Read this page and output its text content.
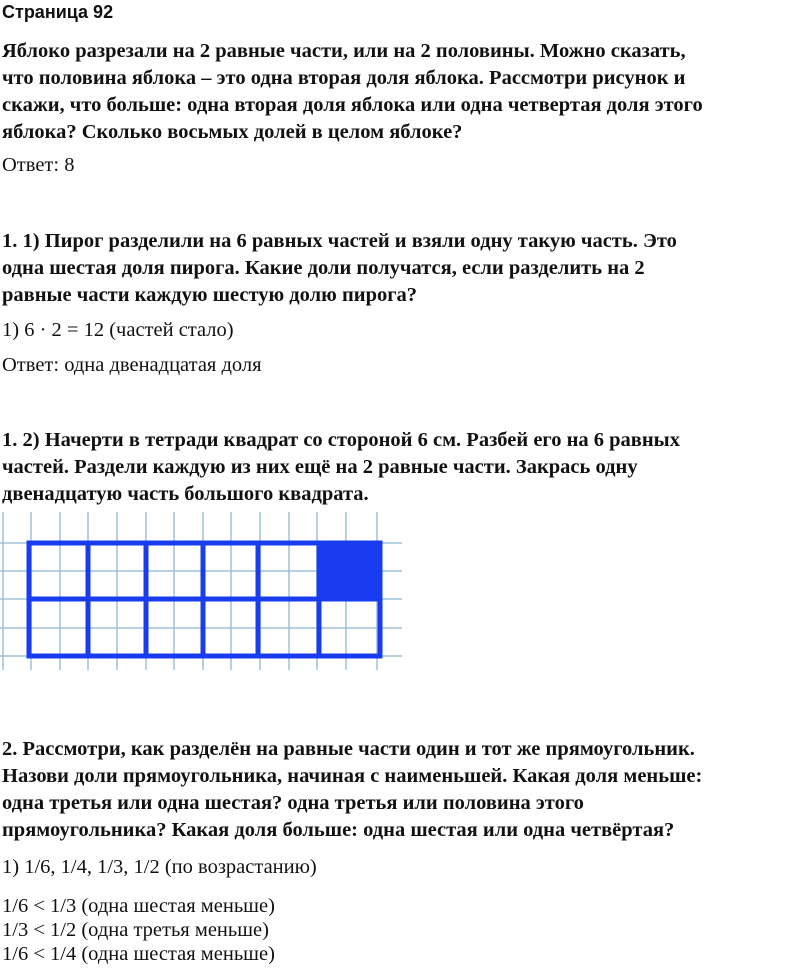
Страница 92
Яблоко разрезали на 2 равные части, или на 2 половины. Можно сказать,
что половина яблока – это одна вторая доля яблока. Рассмотри рисунок и
скажи, что больше: одна вторая доля яблока или одна четвертая доля этого
яблока? Сколько восьмых долей в целом яблоке?
Ответ: 8
1. 1) Пирог разделили на 6 равных частей и взяли одну такую часть. Это
одна шестая доля пирога. Какие доли получатся, если разделить на 2
равные части каждую шестую долю пирога?
1) 6 · 2 = 12 (частей стало)
Ответ: одна двенадцатая доля
1. 2) Начерти в тетради квадрат со стороной 6 см. Разбей его на 6 равных
частей. Раздели каждую из них ещё на 2 равные части. Закрась одну
двенадцатую часть большого квадрата.
2. Рассмотри, как разделён на равные части один и тот же прямоугольник.
Назови доли прямоугольника, начиная с наименьшей. Какая доля меньше:
одна третья или одна шестая? одна третья или половина этого
прямоугольника? Какая доля больше: одна шестая или одна четвёртая?
1) 1/6, 1/4, 1/3, 1/2 (по возрастанию)
1/6 < 1/3 (одна шестая меньше)
1/3 < 1/2 (одна третья меньше)
1/6 < 1/4 (одна шестая меньше)
